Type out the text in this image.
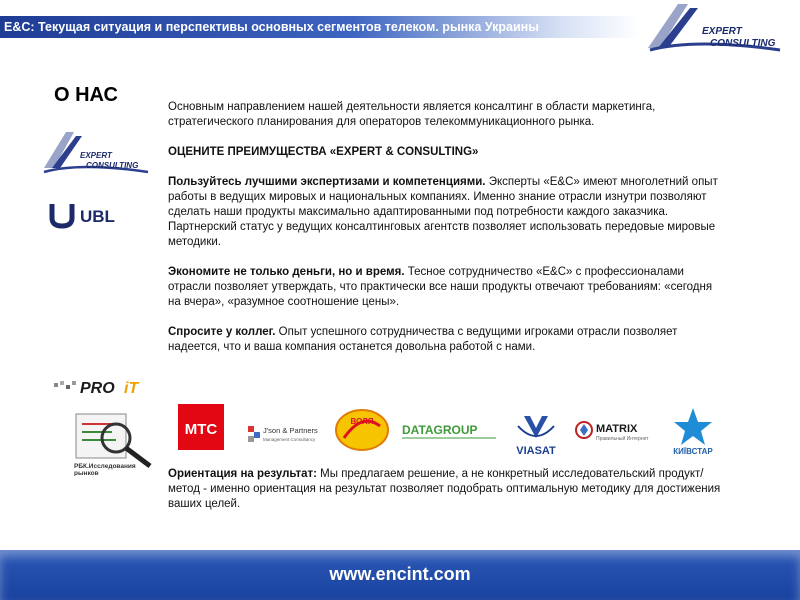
E&C: Текущая ситуация и перспективы основных сегментов телеком. рынка Украины	EXPERT
CONSULTING
О НАС
EXPERT
CONSULTING
UBL
PRO iT
РБК.Исследования
рынков

Основным направлением нашей деятельности является консалтинг в области маркетинга, стратегического планирования для операторов телекоммуникационного рынка.

ОЦЕНИТЕ ПРЕИМУЩЕСТВА «EXPERT & CONSULTING»

Пользуйтесь лучшими экспертизами и компетенциями. Эксперты «E&C» имеют многолетний опыт работы в ведущих мировых и национальных компаниях. Именно знание отрасли изнутри позволяют сделать наши продукты максимально адаптированными под потребности каждого заказчика. Партнерский статус у ведущих консалтинговых агентств позволяет использовать передовые мировые методики.

Экономите не только деньги, но и время. Тесное сотрудничество «E&C» с профессионалами отрасли позволяет утверждать, что практически все наши продукты отвечают требованиям: «сегодня на вчера», «разумное соотношение цены».

Спросите у коллег. Опыт успешного сотрудничества с ведущими игроками отрасли позволяет надеется, что и ваша компания останется довольна работой с нами.

МТС	J'son & Partners
Management Consultancy
ВОЛЯ
DATAGROUP
VIASAT
MATRIX
Правильный Интернет
КИЇВСТАР
Ориентация на результат: Мы предлагаем решение, а не конкретный исследовательский продукт/метод - именно ориентация на результат позволяет подобрать оптимальную методику для достижения ваших целей.
www.encint.com
